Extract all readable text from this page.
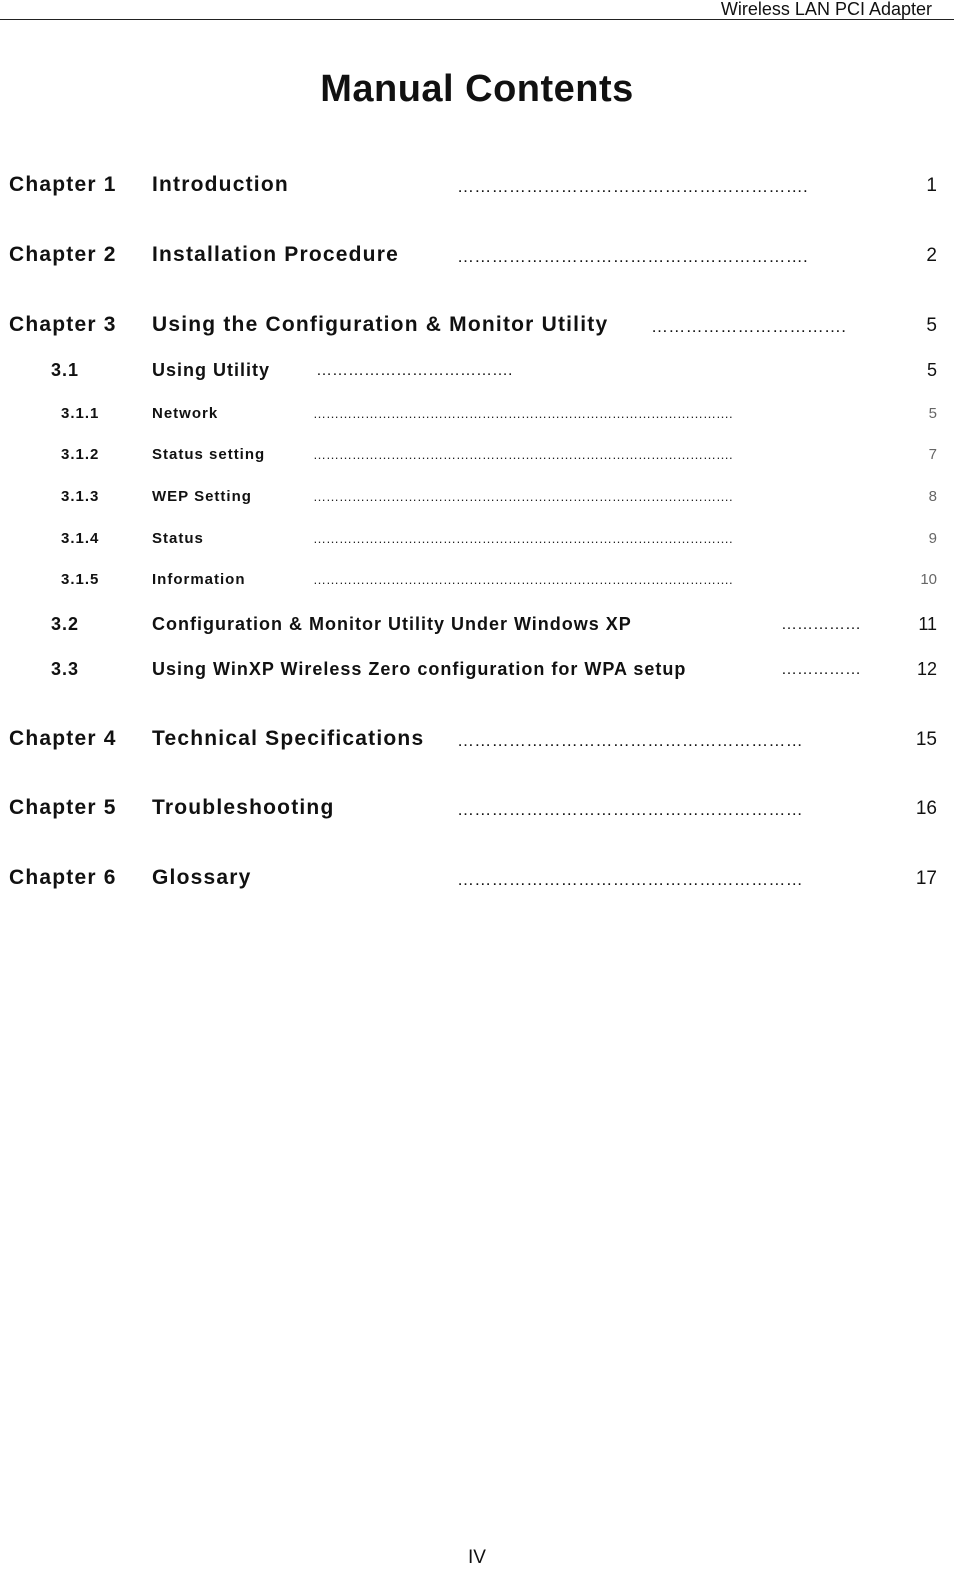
Wireless LAN PCI Adapter
Manual Contents
Chapter 1 Introduction	…………………………………………………….	1
Chapter 2 Installation Procedure	…………………………………………………….	2
Chapter 3 Using the Configuration & Monitor Utility	…………………………….	5
3.1	Using Utility	……………………………….	5
3.1.1	Network	…………………………………………………………………………………….	5
3.1.2	Status setting	…………………………………………………………………………………….	7
3.1.3	WEP Setting	…………………………………………………………………………………….	8
3.1.4	Status	…………………………………………………………………………………….	9
3.1.5	Information	…………………………………………………………………………………….	10
3.2	Configuration & Monitor Utility Under Windows XP	……………	11
3.3	Using WinXP Wireless Zero configuration for WPA setup	……………	12
Chapter 4 Technical Specifications ……………………………………………………	15
Chapter 5 Troubleshooting	……………………………………………………	16
Chapter 6 Glossary	……………………………………………………	17
IV
